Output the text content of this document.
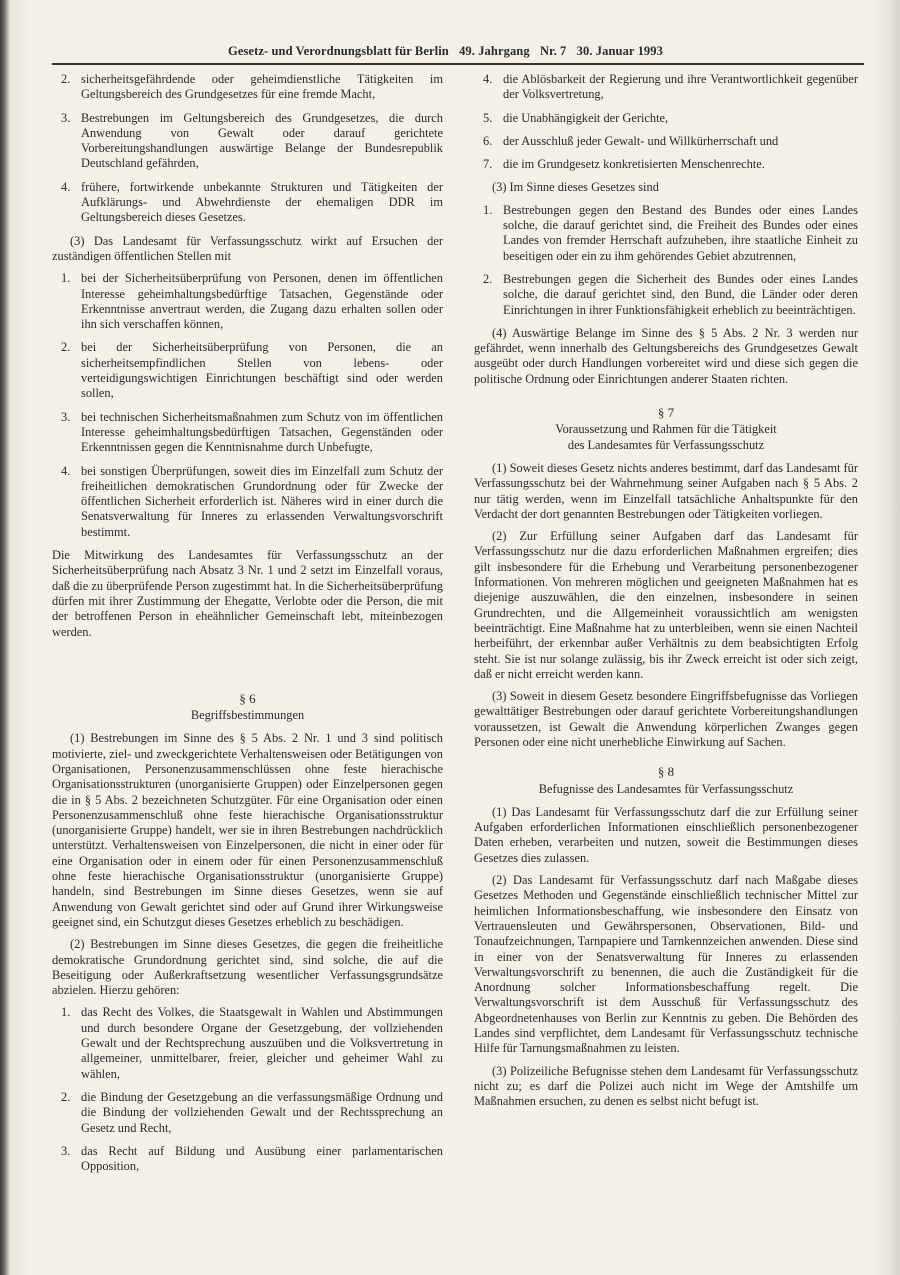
Gesetz- und Verordnungsblatt für Berlin 49. Jahrgang Nr. 7 30. Januar 1993
2. sicherheitsgefährdende oder geheimdienstliche Tätigkeiten im Geltungsbereich des Grundgesetzes für eine fremde Macht,
3. Bestrebungen im Geltungsbereich des Grundgesetzes, die durch Anwendung von Gewalt oder darauf gerichtete Vorbereitungshandlungen auswärtige Belange der Bundesrepublik Deutschland gefährden,
4. frühere, fortwirkende unbekannte Strukturen und Tätigkeiten der Aufklärungs- und Abwehrdienste der ehemaligen DDR im Geltungsbereich dieses Gesetzes.

(3) Das Landesamt für Verfassungsschutz wirkt auf Ersuchen der zuständigen öffentlichen Stellen mit

1. bei der Sicherheitsüberprüfung von Personen, denen im öffentlichen Interesse geheimhaltungsbedürftige Tatsachen, Gegenstände oder Erkenntnisse anvertraut werden, die Zugang dazu erhalten sollen oder ihn sich verschaffen können,
2. bei der Sicherheitsüberprüfung von Personen, die an sicherheitsempfindlichen Stellen von lebens- oder verteidigungswichtigen Einrichtungen beschäftigt sind oder werden sollen,
3. bei technischen Sicherheitsmaßnahmen zum Schutz von im öffentlichen Interesse geheimhaltungsbedürftigen Tatsachen, Gegenständen oder Erkenntnissen gegen die Kenntnisnahme durch Unbefugte,
4. bei sonstigen Überprüfungen, soweit dies im Einzelfall zum Schutz der freiheitlichen demokratischen Grundordnung oder für Zwecke der öffentlichen Sicherheit erforderlich ist. Näheres wird in einer durch die Senatsverwaltung für Inneres zu erlassenden Verwaltungsvorschrift bestimmt.

Die Mitwirkung des Landesamtes für Verfassungsschutz an der Sicherheitsüberprüfung nach Absatz 3 Nr. 1 und 2 setzt im Einzelfall voraus, daß die zu überprüfende Person zugestimmt hat. In die Sicherheitsüberprüfung dürfen mit ihrer Zustimmung der Ehegatte, Verlobte oder die Person, die mit der betroffenen Person in eheähnlicher Gemeinschaft lebt, miteinbezogen werden.

§ 6
Begriffsbestimmungen

(1) Bestrebungen im Sinne des § 5 Abs. 2 Nr. 1 und 3 sind politisch motivierte, ziel- und zweckgerichtete Verhaltensweisen oder Betätigungen von Organisationen, Personenzusammenschlüssen ohne feste hierachische Organisationsstrukturen (unorganisierte Gruppen) oder Einzelpersonen gegen die in § 5 Abs. 2 bezeichneten Schutzgüter. Für eine Organisation oder einen Personenzusammenschluß ohne feste hierachische Organisationsstruktur (unorganisierte Gruppe) handelt, wer sie in ihren Bestrebungen nachdrücklich unterstützt. Verhaltensweisen von Einzelpersonen, die nicht in einer oder für eine Organisation oder in einem oder für einen Personenzusammenschluß ohne feste hierachische Organisationsstruktur (unorganisierte Gruppe) handeln, sind Bestrebungen im Sinne dieses Gesetzes, wenn sie auf Anwendung von Gewalt gerichtet sind oder auf Grund ihrer Wirkungsweise geeignet sind, ein Schutzgut dieses Gesetzes erheblich zu beschädigen.

(2) Bestrebungen im Sinne dieses Gesetzes, die gegen die freiheitliche demokratische Grundordnung gerichtet sind, sind solche, die auf die Beseitigung oder Außerkraftsetzung wesentlicher Verfassungsgrundsätze abzielen. Hierzu gehören:

1. das Recht des Volkes, die Staatsgewalt in Wahlen und Abstimmungen und durch besondere Organe der Gesetzgebung, der vollziehenden Gewalt und der Rechtsprechung auszuüben und die Volksvertretung in allgemeiner, unmittelbarer, freier, gleicher und geheimer Wahl zu wählen,
2. die Bindung der Gesetzgebung an die verfassungsmäßige Ordnung und die Bindung der vollziehenden Gewalt und der Rechtssprechung an Gesetz und Recht,
3. das Recht auf Bildung und Ausübung einer parlamentarischen Opposition,
4. die Ablösbarkeit der Regierung und ihre Verantwortlichkeit gegenüber der Volksvertretung,
5. die Unabhängigkeit der Gerichte,
6. der Ausschluß jeder Gewalt- und Willkürherrschaft und
7. die im Grundgesetz konkretisierten Menschenrechte.

(3) Im Sinne dieses Gesetzes sind

1. Bestrebungen gegen den Bestand des Bundes oder eines Landes solche, die darauf gerichtet sind, die Freiheit des Bundes oder eines Landes von fremder Herrschaft aufzuheben, ihre staatliche Einheit zu beseitigen oder ein zu ihm gehörendes Gebiet abzutrennen,
2. Bestrebungen gegen die Sicherheit des Bundes oder eines Landes solche, die darauf gerichtet sind, den Bund, die Länder oder deren Einrichtungen in ihrer Funktionsfähigkeit erheblich zu beeinträchtigen.

(4) Auswärtige Belange im Sinne des § 5 Abs. 2 Nr. 3 werden nur gefährdet, wenn innerhalb des Geltungsbereichs des Grundgesetzes Gewalt ausgeübt oder durch Handlungen vorbereitet wird und diese sich gegen die politische Ordnung oder Einrichtungen anderer Staaten richten.

§ 7
Voraussetzung und Rahmen für die Tätigkeit
des Landesamtes für Verfassungsschutz

(1) Soweit dieses Gesetz nichts anderes bestimmt, darf das Landesamt für Verfassungsschutz bei der Wahrnehmung seiner Aufgaben nach § 5 Abs. 2 nur tätig werden, wenn im Einzelfall tatsächliche Anhaltspunkte für den Verdacht der dort genannten Bestrebungen oder Tätigkeiten vorliegen.

(2) Zur Erfüllung seiner Aufgaben darf das Landesamt für Verfassungsschutz nur die dazu erforderlichen Maßnahmen ergreifen; dies gilt insbesondere für die Erhebung und Verarbeitung personenbezogener Informationen. Von mehreren möglichen und geeigneten Maßnahmen hat es diejenige auszuwählen, die den einzelnen, insbesondere in seinen Grundrechten, und die Allgemeinheit voraussichtlich am wenigsten beeinträchtigt. Eine Maßnahme hat zu unterbleiben, wenn sie einen Nachteil herbeiführt, der erkennbar außer Verhältnis zu dem beabsichtigten Erfolg steht. Sie ist nur solange zulässig, bis ihr Zweck erreicht ist oder sich zeigt, daß er nicht erreicht werden kann.

(3) Soweit in diesem Gesetz besondere Eingriffsbefugnisse das Vorliegen gewalttätiger Bestrebungen oder darauf gerichtete Vorbereitungshandlungen voraussetzen, ist Gewalt die Anwendung körperlichen Zwanges gegen Personen oder eine nicht unerhebliche Einwirkung auf Sachen.

§ 8
Befugnisse des Landesamtes für Verfassungsschutz

(1) Das Landesamt für Verfassungsschutz darf die zur Erfüllung seiner Aufgaben erforderlichen Informationen einschließlich personenbezogener Daten erheben, verarbeiten und nutzen, soweit die Bestimmungen dieses Gesetzes dies zulassen.

(2) Das Landesamt für Verfassungsschutz darf nach Maßgabe dieses Gesetzes Methoden und Gegenstände einschließlich technischer Mittel zur heimlichen Informationsbeschaffung, wie insbesondere den Einsatz von Vertrauensleuten und Gewährspersonen, Observationen, Bild- und Tonaufzeichnungen, Tarnpapiere und Tarnkennzeichen anwenden. Diese sind in einer von der Senatsverwaltung für Inneres zu erlassenden Verwaltungsvorschrift zu benennen, die auch die Zuständigkeit für die Anordnung solcher Informationsbeschaffung regelt. Die Verwaltungsvorschrift ist dem Ausschuß für Verfassungsschutz des Abgeordnetenhauses von Berlin zur Kenntnis zu geben. Die Behörden des Landes sind verpflichtet, dem Landesamt für Verfassungsschutz technische Hilfe für Tarnungsmaßnahmen zu leisten.

(3) Polizeiliche Befugnisse stehen dem Landesamt für Verfassungsschutz nicht zu; es darf die Polizei auch nicht im Wege der Amtshilfe um Maßnahmen ersuchen, zu denen es selbst nicht befugt ist.
